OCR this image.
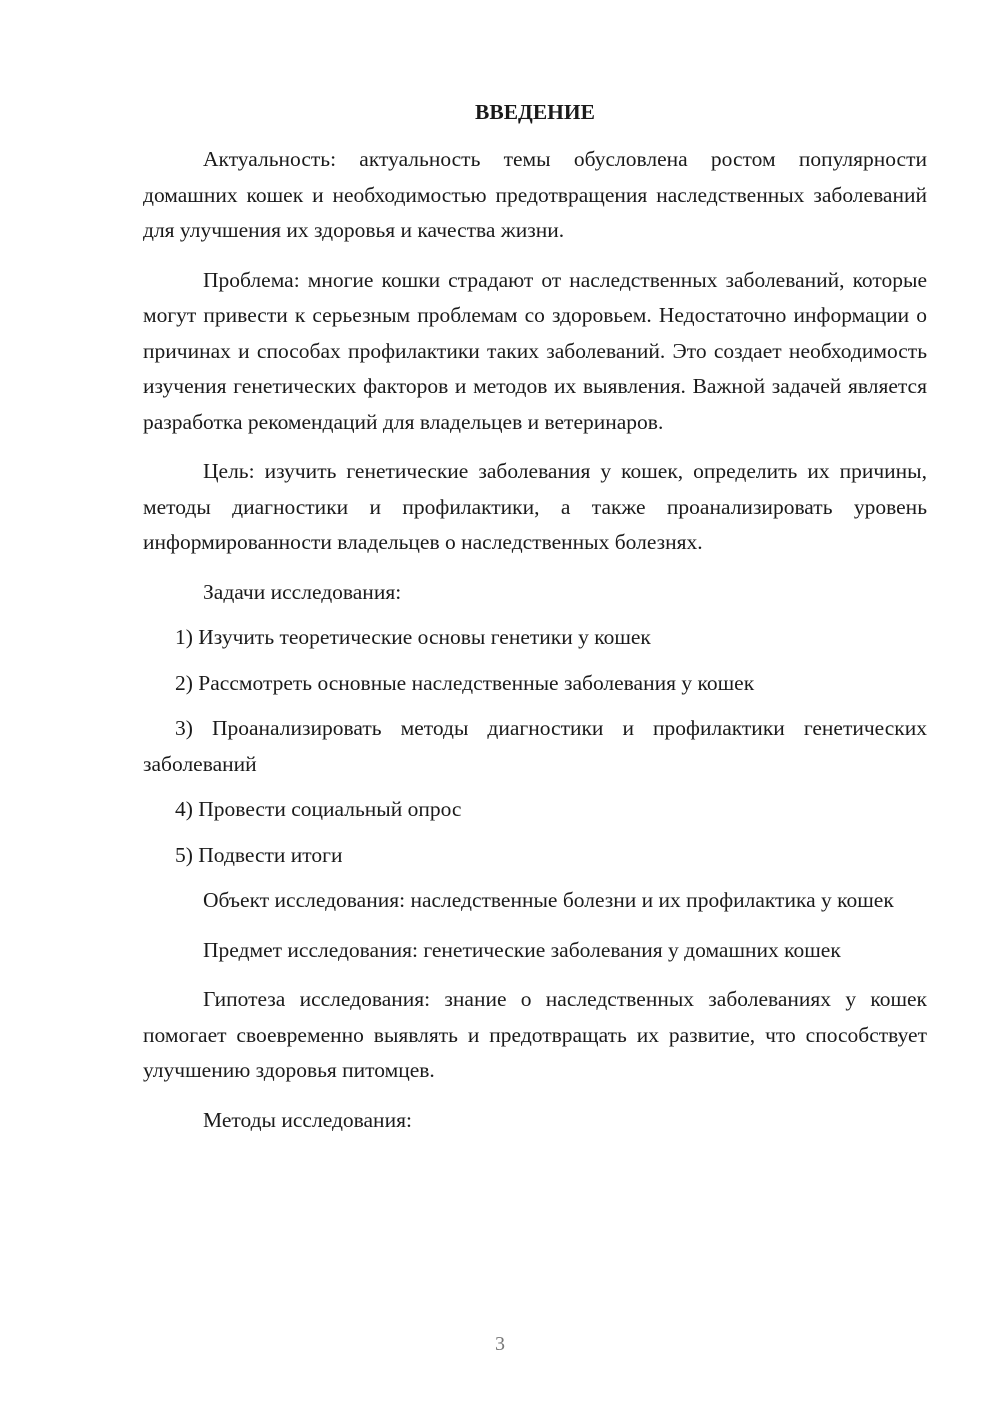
ВВЕДЕНИЕ

Актуальность: актуальность темы обусловлена ростом популярности домашних кошек и необходимостью предотвращения наследственных заболеваний для улучшения их здоровья и качества жизни.

Проблема: многие кошки страдают от наследственных заболеваний, которые могут привести к серьезным проблемам со здоровьем. Недостаточно информации о причинах и способах профилактики таких заболеваний. Это создает необходимость изучения генетических факторов и методов их выявления. Важной задачей является разработка рекомендаций для владельцев и ветеринаров.

Цель: изучить генетические заболевания у кошек, определить их причины, методы диагностики и профилактики, а также проанализировать уровень информированности владельцев о наследственных болезнях.

Задачи исследования:

1) Изучить теоретические основы генетики у кошек

2) Рассмотреть основные наследственные заболевания у кошек

3) Проанализировать методы диагностики и профилактики генетических заболеваний

4) Провести социальный опрос

5) Подвести итоги

Объект исследования: наследственные болезни и их профилактика у кошек

Предмет исследования: генетические заболевания у домашних кошек

Гипотеза исследования: знание о наследственных заболеваниях у кошек помогает своевременно выявлять и предотвращать их развитие, что способствует улучшению здоровья питомцев.

Методы исследования:

3
